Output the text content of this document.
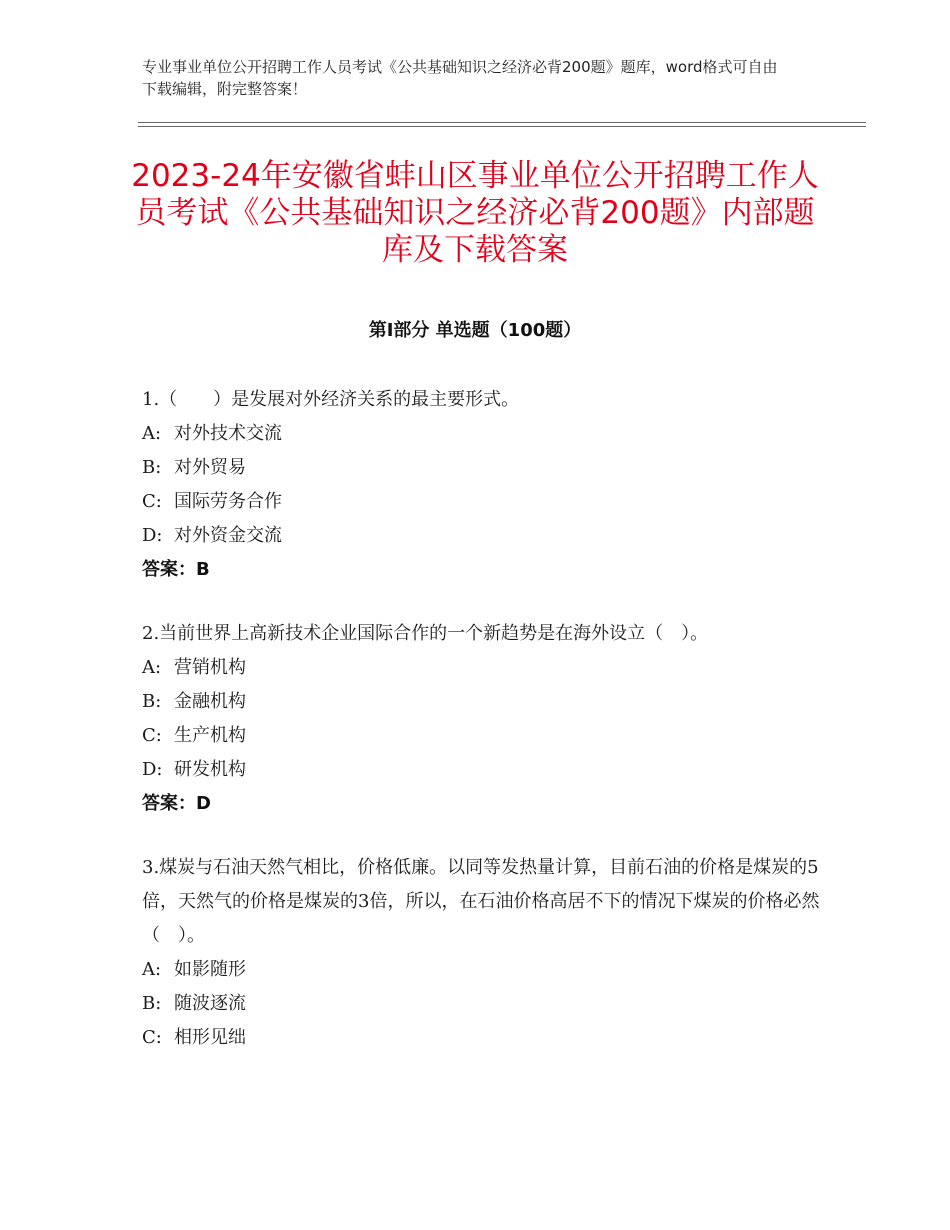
专业事业单位公开招聘工作人员考试《公共基础知识之经济必背200题》题库，word格式可自由下载编辑，附完整答案！
2023-24年安徽省蚌山区事业单位公开招聘工作人员考试《公共基础知识之经济必背200题》内部题库及下载答案
第Ⅰ部分 单选题（100题）
1.（　　）是发展对外经济关系的最主要形式。
A: 对外技术交流
B: 对外贸易
C: 国际劳务合作
D: 对外资金交流
答案：B
2.当前世界上高新技术企业国际合作的一个新趋势是在海外设立（　）。
A: 营销机构
B: 金融机构
C: 生产机构
D: 研发机构
答案：D
3.煤炭与石油天然气相比，价格低廉。以同等发热量计算，目前石油的价格是煤炭的5倍，天然气的价格是煤炭的3倍，所以，在石油价格高居不下的情况下煤炭的价格必然（　）。
A: 如影随形
B: 随波逐流
C: 相形见绌
